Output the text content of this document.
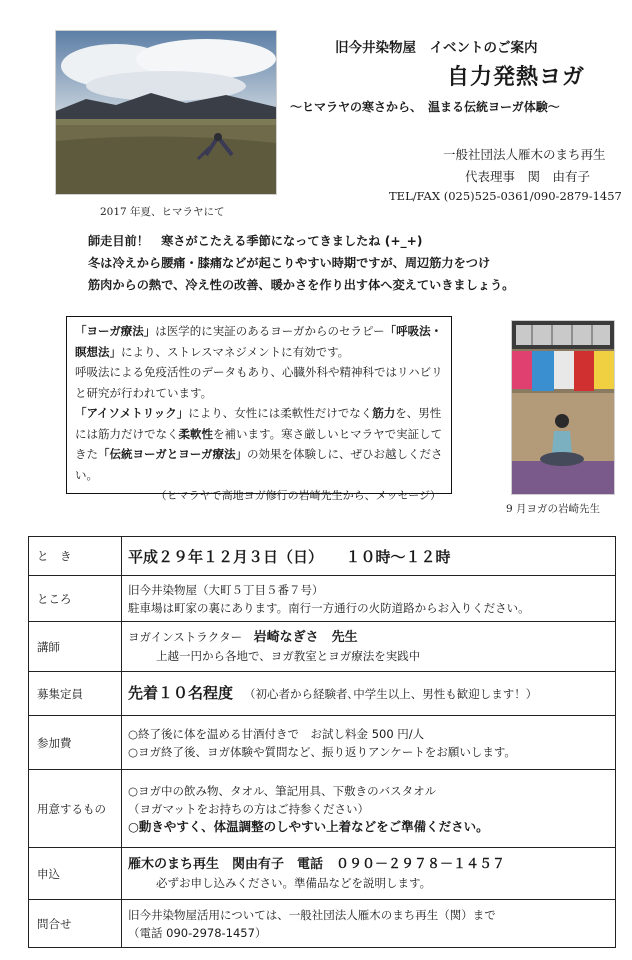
2017 年夏、ヒマラヤにて
旧今井染物屋　イベントのご案内
自力発熱ヨガ
～ヒマラヤの寒さから、　温まる伝統ヨーガ体験～
一般社団法人雁木のまち再生
代表理事　関　由有子
TEL/FAX (025)525-0361/090-2879-1457

師走目前！　寒さがこたえる季節になってきましたね (+_+)

冬は冷えから腰痛・膝痛などが起こりやすい時期ですが、周辺筋力をつけ

筋肉からの熱で、冷え性の改善、暖かさを作り出す体へ変えていきましょう。

「ヨーガ療法」は医学的に実証のあるヨーガからのセラピー「呼吸法・瞑想法」により、ストレスマネジメントに有効です。

呼吸法による免疫活性のデータもあり、心臓外科や精神科ではリハビリと研究が行われています。

「アイソメトリック」により、女性には柔軟性だけでなく筋力を、男性には筋力だけでなく柔軟性を補います。寒さ厳しいヒマラヤで実証してきた「伝統ヨーガとヨーガ療法」の効果を体験しに、ぜひお越しください。

（ヒマラヤで高地ヨガ修行の岩崎先生から、メッセージ）

9 月ヨガの岩崎先生
と　き	平成２９年１２月３日（日）　　１０時～１２時
ところ	旧今井染物屋（大町５丁目５番７号）
駐車場は町家の裏にあります。南行一方通行の火防道路からお入りください。

講師	ヨガインストラクター　岩崎なぎさ　先生
上越一円から各地で、ヨガ教室とヨガ療法を実践中

募集定員	先着１０名程度 （初心者から経験者､中学生以上、男性も歓迎します！）
参加費	○終了後に体を温める甘酒付きで　お試し料金 500 円/人
○ヨガ終了後、ヨガ体験や質問など、振り返りアンケートをお願いします。

用意するもの	○ヨガ中の飲み物、タオル、筆記用具、下敷きのバスタオル
（ヨガマットをお持ちの方はご持参ください）
○動きやすく、体温調整のしやすい上着などをご準備ください。

申込	雁木のまち再生　関由有子　電話　０９０－２９７８－１４５７
必ずお申し込みください。準備品などを説明します。

問合せ	旧今井染物屋活用については、一般社団法人雁木のまち再生（関）まで
（電話 090-2978-1457）
